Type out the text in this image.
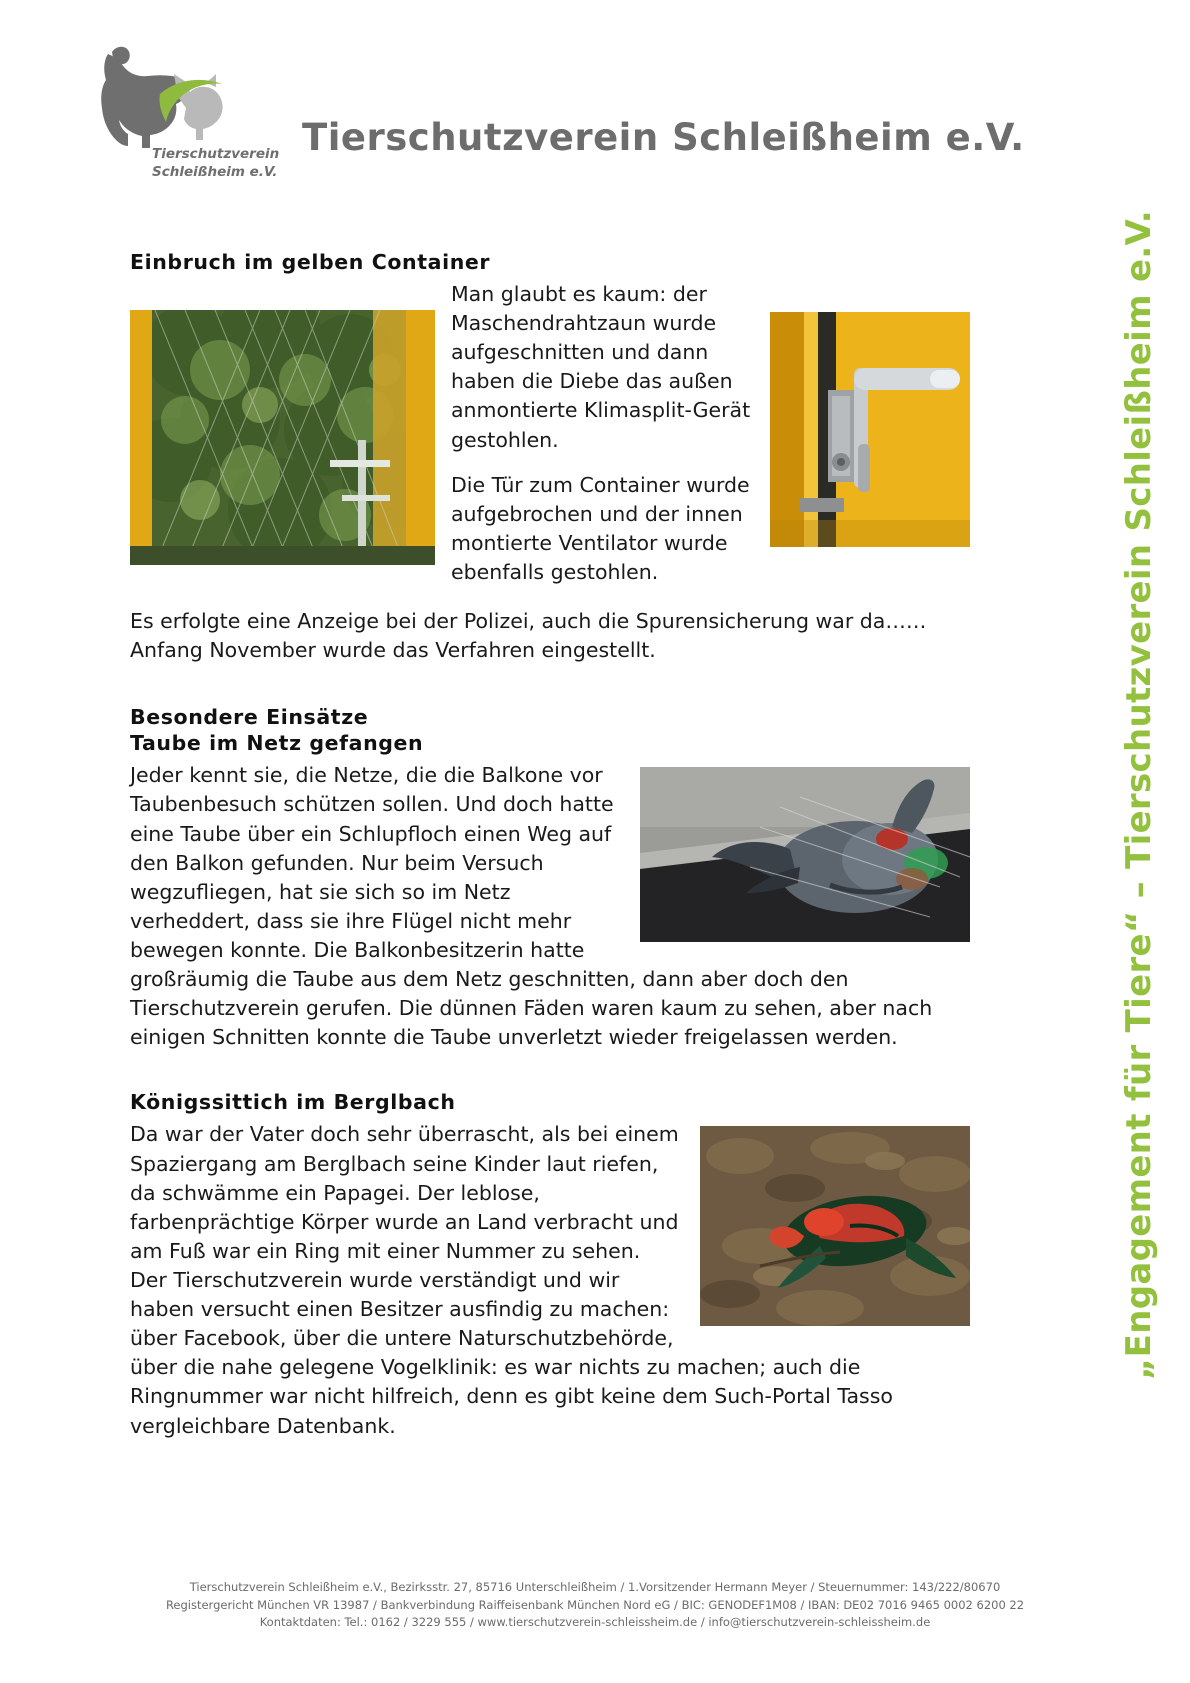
Tierschutzverein
Schleißheim e.V.
Tierschutzverein Schleißheim e.V.
„Engagement für Tiere“ – Tierschutzverein Schleißheim e.V.
Einbruch im gelben Container

Man glaubt es kaum: der Maschendrahtzaun wurde aufgeschnitten und dann haben die Diebe das außen anmontierte Klimasplit-Gerät gestohlen.

Die Tür zum Container wurde aufgebrochen und der innen montierte Ventilator wurde ebenfalls gestohlen.

Es erfolgte eine Anzeige bei der Polizei, auch die Spurensicherung war da…… Anfang November wurde das Verfahren eingestellt.

Besondere Einsätze
Taube im Netz gefangen

Jeder kennt sie, die Netze, die die Balkone vor Taubenbesuch schützen sollen. Und doch hatte eine Taube über ein Schlupfloch einen Weg auf den Balkon gefunden. Nur beim Versuch wegzufliegen, hat sie sich so im Netz verheddert, dass sie ihre Flügel nicht mehr bewegen konnte. Die Balkonbesitzerin hatte großräumig die Taube aus dem Netz geschnitten, dann aber doch den Tierschutzverein gerufen. Die dünnen Fäden waren kaum zu sehen, aber nach einigen Schnitten konnte die Taube unverletzt wieder freigelassen werden.

Königssittich im Berglbach

Da war der Vater doch sehr überrascht, als bei einem Spaziergang am Berglbach seine Kinder laut riefen, da schwämme ein Papagei. Der leblose, farbenprächtige Körper wurde an Land verbracht und am Fuß war ein Ring mit einer Nummer zu sehen. Der Tierschutzverein wurde verständigt und wir haben versucht einen Besitzer ausfindig zu machen: über Facebook, über die untere Naturschutzbehörde, über die nahe gelegene Vogelklinik: es war nichts zu machen; auch die Ringnummer war nicht hilfreich, denn es gibt keine dem Such-Portal Tasso vergleichbare Datenbank.

Tierschutzverein Schleißheim e.V., Bezirksstr. 27, 85716 Unterschleißheim / 1.Vorsitzender Hermann Meyer / Steuernummer: 143/222/80670
Registergericht München VR 13987 / Bankverbindung Raiffeisenbank München Nord eG / BIC: GENODEF1M08 / IBAN: DE02 7016 9465 0002 6200 22
Kontaktdaten: Tel.: 0162 / 3229 555 / www.tierschutzverein-schleissheim.de / info@tierschutzverein-schleissheim.de
